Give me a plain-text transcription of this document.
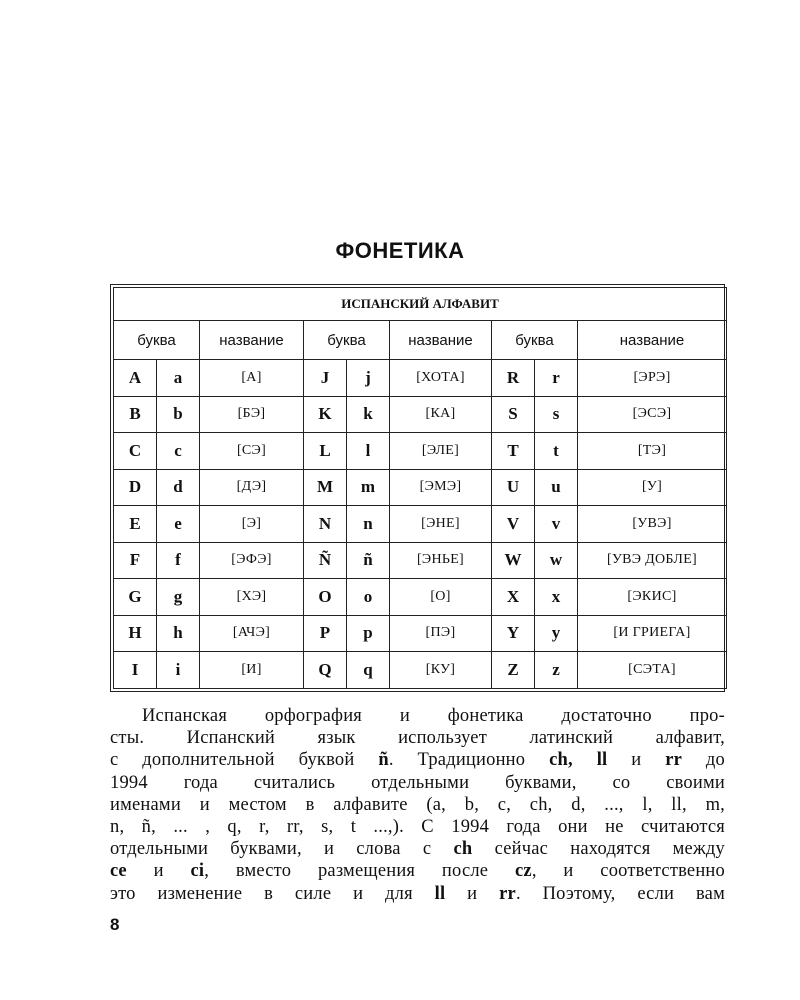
ФОНЕТИКА
ИСПАНСКИЙ АЛФАВИТ								
буква		название	буква		название	буква		название
A	a	[A]	J	j	[ХОТА]	R	r	[ЭРЭ]
B	b	[БЭ]	K	k	[КА]	S	s	[ЭСЭ]
C	c	[СЭ]	L	l	[ЭЛЕ]	T	t	[ТЭ]
D	d	[ДЭ]	M	m	[ЭМЭ]	U	u	[У]
E	e	[Э]	N	n	[ЭНЕ]	V	v	[УВЭ]
F	f	[ЭФЭ]	Ñ	ñ	[ЭНЬЕ]	W	w	[УВЭ ДОБЛЕ]
G	g	[ХЭ]	O	o	[O]	X	x	[ЭКИС]
H	h	[АЧЭ]	P	p	[ПЭ]	Y	y	[И ГРИЕГА]
I	i	[И]	Q	q	[КУ]	Z	z	[СЭТА]
Испанская орфография и фонетика достаточно про-
сты. Испанский язык использует латинский алфавит,
с дополнительной буквой ñ. Традиционно ch, ll и rr до
1994 года считались отдельными буквами, со своими
именами и местом в алфавите (a, b, c, ch, d, ..., l, ll, m,
n, ñ, ... , q, r, rr, s, t ...,). С 1994 года они не считаются
отдельными буквами, и слова с ch сейчас находятся между
ce и ci, вместо размещения после cz, и соответственно
это изменение в силе и для ll и rr. Поэтому, если вам
8
